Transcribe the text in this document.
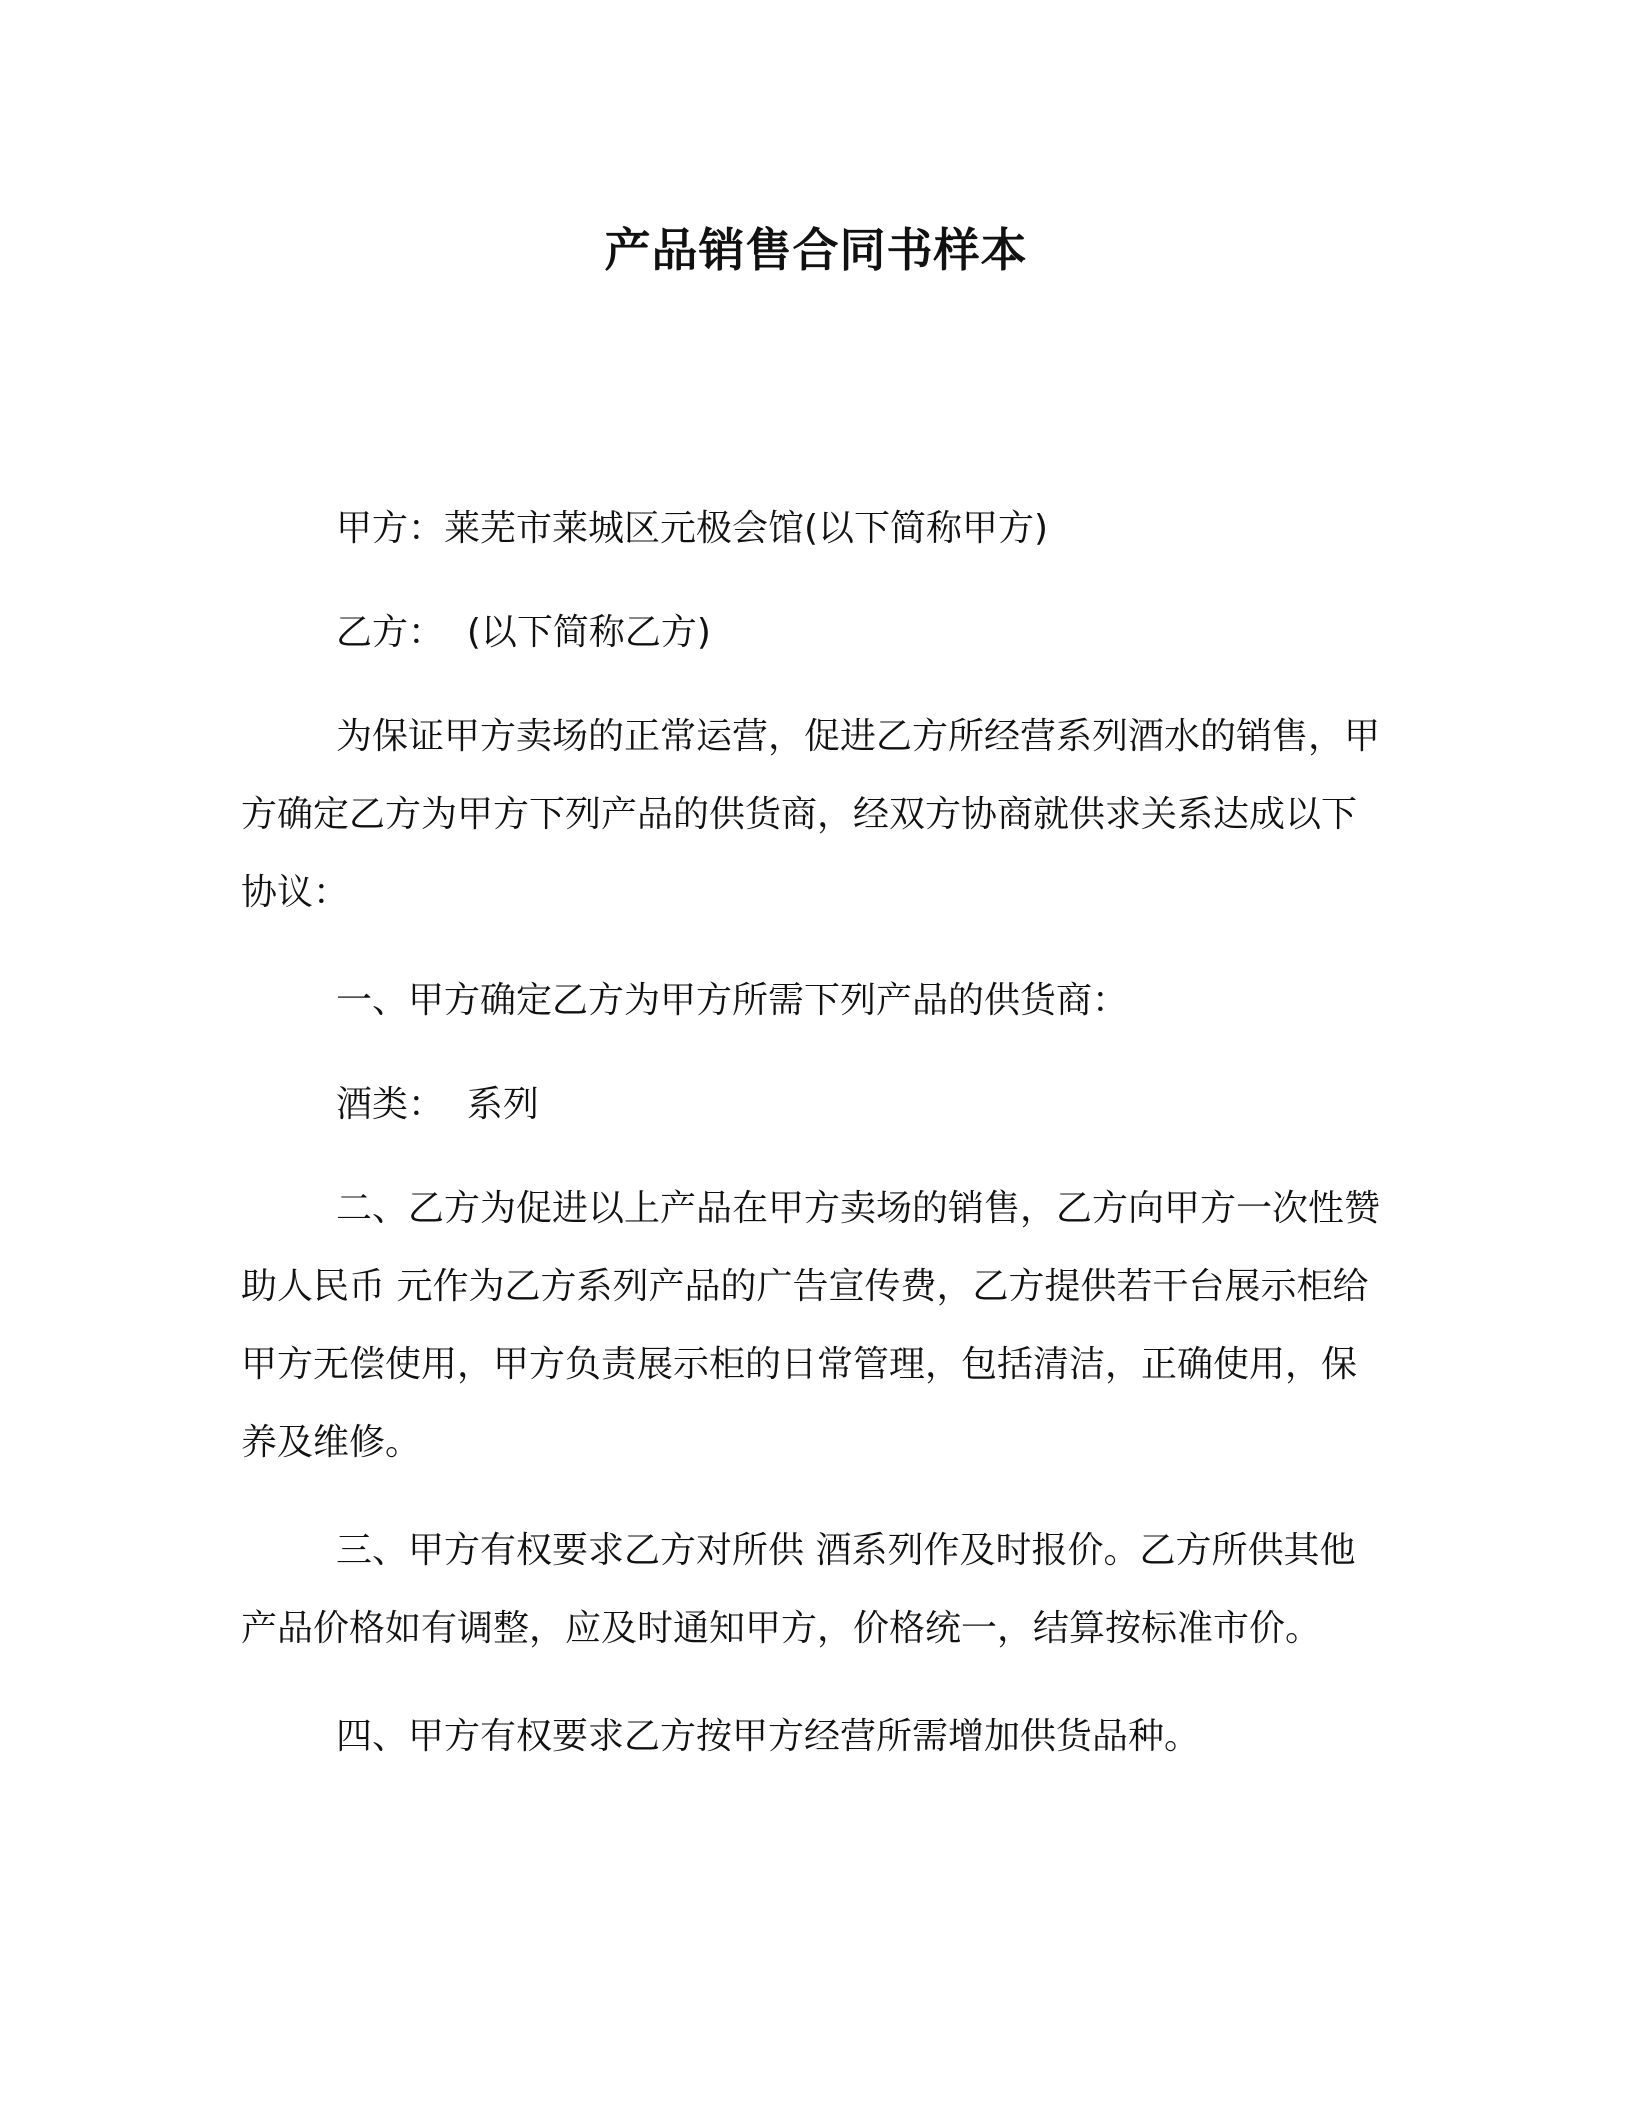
产品销售合同书样本

甲方：莱芜市莱城区元极会馆(以下简称甲方)

乙方：  (以下简称乙方)

为保证甲方卖场的正常运营，促进乙方所经营系列酒水的销售，甲方确定乙方为甲方下列产品的供货商，经双方协商就供求关系达成以下协议：

一、甲方确定乙方为甲方所需下列产品的供货商：

酒类：  系列

二、乙方为促进以上产品在甲方卖场的销售，乙方向甲方一次性赞助人民币 元作为乙方系列产品的广告宣传费，乙方提供若干台展示柜给甲方无偿使用，甲方负责展示柜的日常管理，包括清洁，正确使用，保养及维修。

三、甲方有权要求乙方对所供 酒系列作及时报价。乙方所供其他产品价格如有调整，应及时通知甲方，价格统一，结算按标准市价。

四、甲方有权要求乙方按甲方经营所需增加供货品种。
